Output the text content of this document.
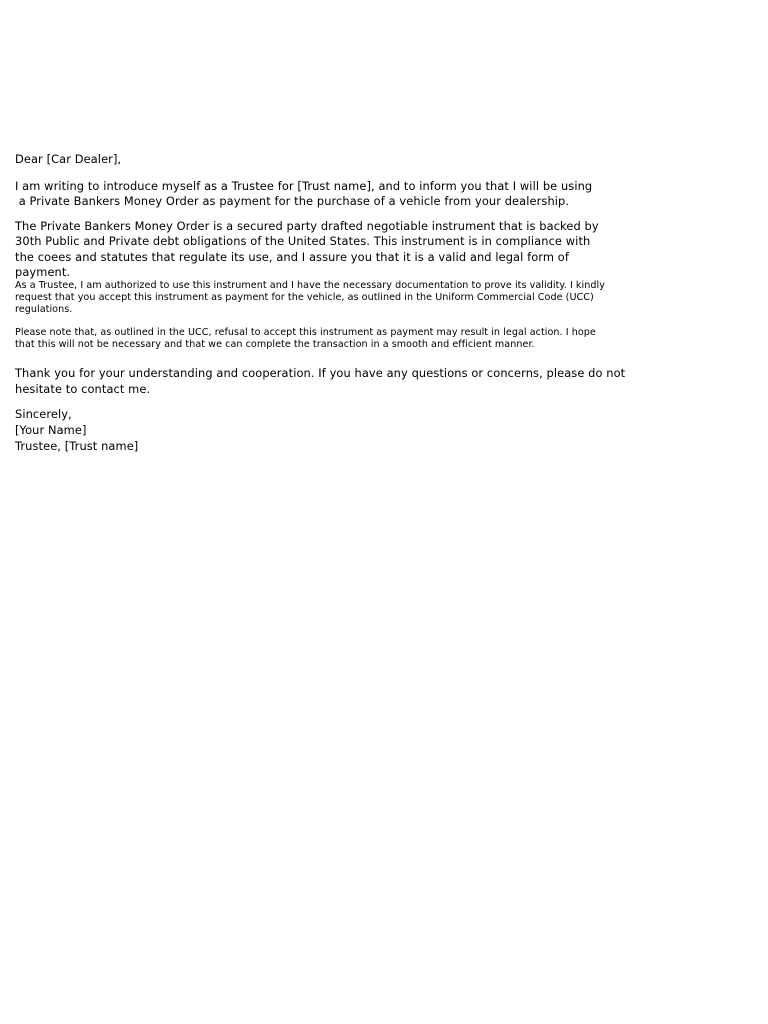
Dear [Car Dealer],
I am writing to introduce myself as a Trustee for [Trust name], and to inform you that I will be using
a Private Bankers Money Order as payment for the purchase of a vehicle from your dealership.
The Private Bankers Money Order is a secured party drafted negotiable instrument that is backed by
30th Public and Private debt obligations of the United States. This instrument is in compliance with
the coees and statutes that regulate its use, and I assure you that it is a valid and legal form of
payment.
As a Trustee, I am authorized to use this instrument and I have the necessary documentation to prove its validity. I kindly
request that you accept this instrument as payment for the vehicle, as outlined in the Uniform Commercial Code (UCC)
regulations.
Please note that, as outlined in the UCC, refusal to accept this instrument as payment may result in legal action. I hope
that this will not be necessary and that we can complete the transaction in a smooth and efficient manner.
Thank you for your understanding and cooperation. If you have any questions or concerns, please do not
hesitate to contact me.
Sincerely,
[Your Name]
Trustee, [Trust name]
